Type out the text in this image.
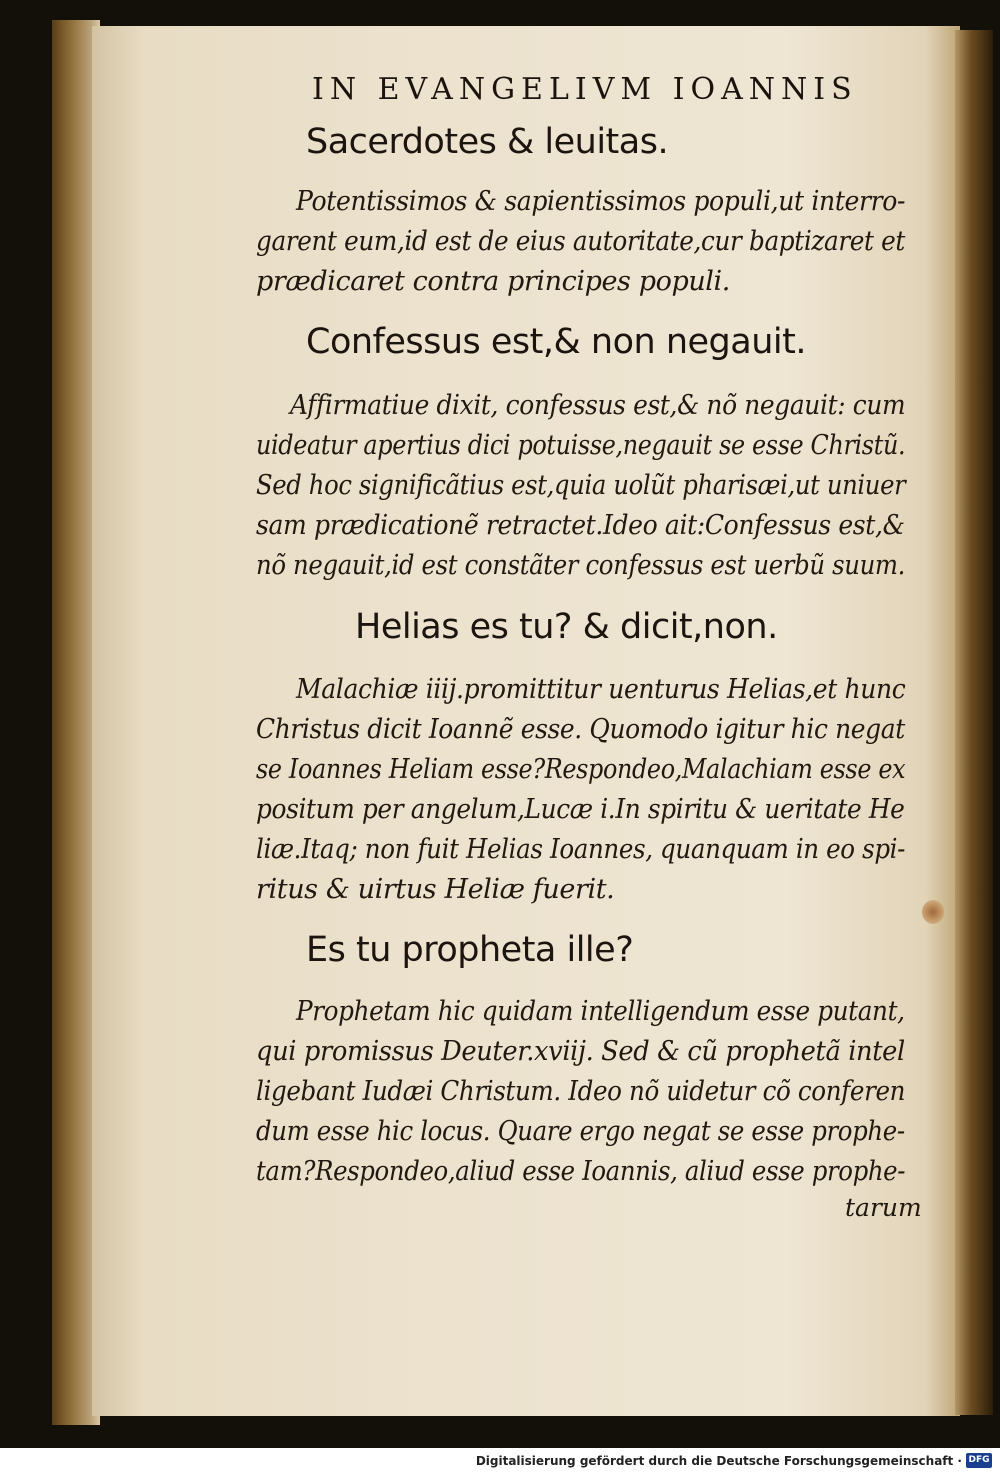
IN EVANGELIVM IOANNIS
Sacerdotes & leuitas.
Potentissimos & sapientissimos populi,ut interro-
garent eum,id est de eius autoritate,cur baptizaret et
prædicaret contra principes populi.
Confessus est,& non negauit.
Affirmatiue dixit, confessus est,& nõ negauit: cum
uideatur apertius dici potuisse,negauit se esse Christũ.
Sed hoc significãtius est,quia uolũt pharisæi,ut uniuer
sam prædicationẽ retractet.Ideo ait:Confessus est,&
nõ negauit,id est constãter confessus est uerbũ suum.
Helias es tu? & dicit,non.
Malachiæ iiij.promittitur uenturus Helias,et hunc
Christus dicit Ioannẽ esse. Quomodo igitur hic negat
se Ioannes Heliam esse?Respondeo,Malachiam esse ex
positum per angelum,Lucæ i.In spiritu & ueritate He
liæ.Itaq; non fuit Helias Ioannes, quanquam in eo spi-
ritus & uirtus Heliæ fuerit.
Es tu propheta ille?
Prophetam hic quidam intelligendum esse putant,
qui promissus Deuter.xviij. Sed & cũ prophetã intel
ligebant Iudæi Christum. Ideo nõ uidetur cõ conferen
dum esse hic locus. Quare ergo negat se esse prophe-
tam?Respondeo,aliud esse Ioannis, aliud esse prophe-
tarum
Digitalisierung gefördert durch die Deutsche Forschungsgemeinschaft · DFG
